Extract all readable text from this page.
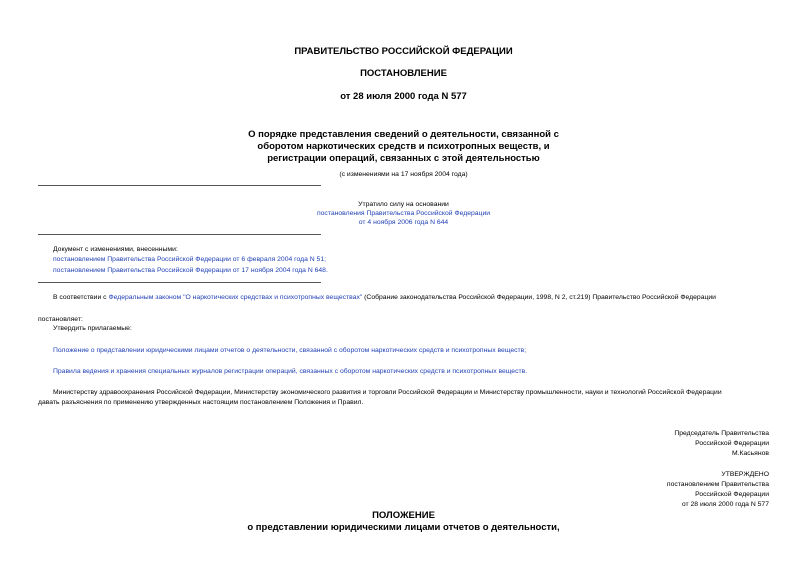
ПРАВИТЕЛЬСТВО РОССИЙСКОЙ ФЕДЕРАЦИИ
ПОСТАНОВЛЕНИЕ
от 28 июля 2000 года N 577
О порядке представления сведений о деятельности, связанной с
оборотом наркотических средств и психотропных веществ, и
регистрации операций, связанных с этой деятельностью
(с изменениями на 17 ноября 2004 года)
Утратило силу на основании
постановления Правительства Российской Федерации
от 4 ноября 2006 года N 644
Документ с изменениями, внесенными:
постановлением Правительства Российской Федерации от 6 февраля 2004 года N 51;
постановлением Правительства Российской Федерации от 17 ноября 2004 года N 648.
В соответствии с Федеральным законом "О наркотических средствах и психотропных веществах" (Собрание законодательства Российской Федерации, 1998, N 2, ст.219) Правительство Российской Федерации
постановляет:
Утвердить прилагаемые:
Положение о представлении юридическими лицами отчетов о деятельности, связанной с оборотом наркотических средств и психотропных веществ;
Правила ведения и хранения специальных журналов регистрации операций, связанных с оборотом наркотических средств и психотропных веществ.
Министерству здравоохранения Российской Федерации, Министерству экономического развития и торговли Российской Федерации и Министерству промышленности, науки и технологий Российской Федерации
давать разъяснения по применению утвержденных настоящим постановлением Положения и Правил.
Председатель Правительства
Российской Федерации
М.Касьянов
УТВЕРЖДЕНО
постановлением Правительства
Российской Федерации
от 28 июля 2000 года N 577
ПОЛОЖЕНИЕ
о представлении юридическими лицами отчетов о деятельности,
